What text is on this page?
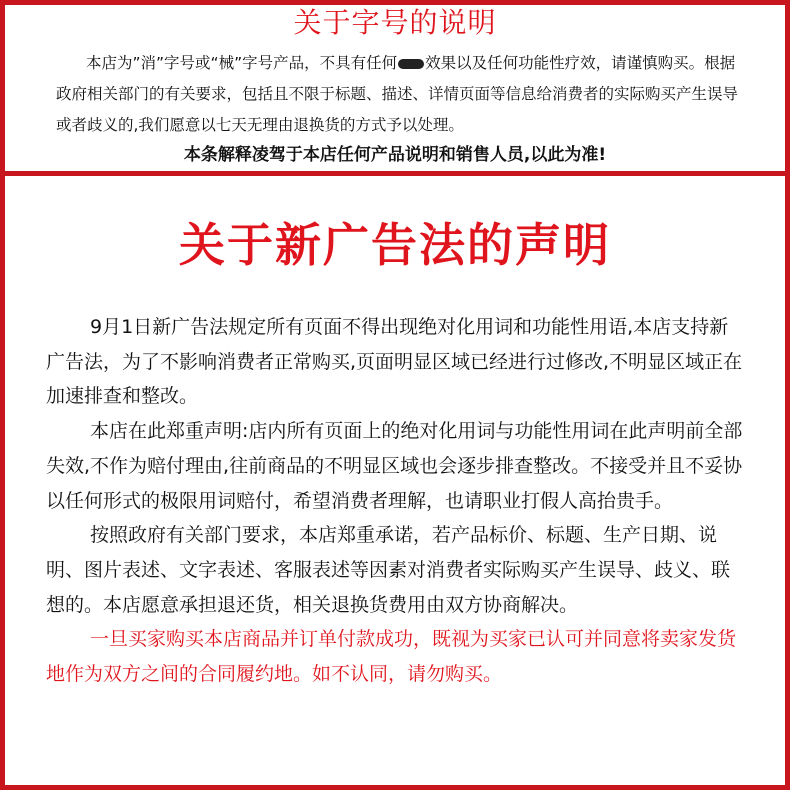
关于字号的说明

本店为”消”字号或“械”字号产品，不具有任何 效果以及任何功能性疗效，请谨慎购买。根据政府相关部门的有关要求，包括且不限于标题、描述、详情页面等信息给消费者的实际购买产生误导或者歧义的,我们愿意以七天无理由退换货的方式予以处理。

本条解释凌驾于本店任何产品说明和销售人员,以此为准!
关于新广告法的声明

9月1日新广告法规定所有页面不得出现绝对化用词和功能性用语,本店支持新广告法，为了不影响消费者正常购买,页面明显区域已经进行过修改,不明显区域正在加速排查和整改。

本店在此郑重声明:店内所有页面上的绝对化用词与功能性用词在此声明前全部失效,不作为赔付理由,往前商品的不明显区域也会逐步排查整改。不接受并且不妥协以任何形式的极限用词赔付，希望消费者理解，也请职业打假人高抬贵手。

按照政府有关部门要求，本店郑重承诺，若产品标价、标题、生产日期、说明、图片表述、文字表述、客服表述等因素对消费者实际购买产生误导、歧义、联想的。本店愿意承担退还货，相关退换货费用由双方协商解决。

一旦买家购买本店商品并订单付款成功，既视为买家已认可并同意将卖家发货地作为双方之间的合同履约地。如不认同，请勿购买。
